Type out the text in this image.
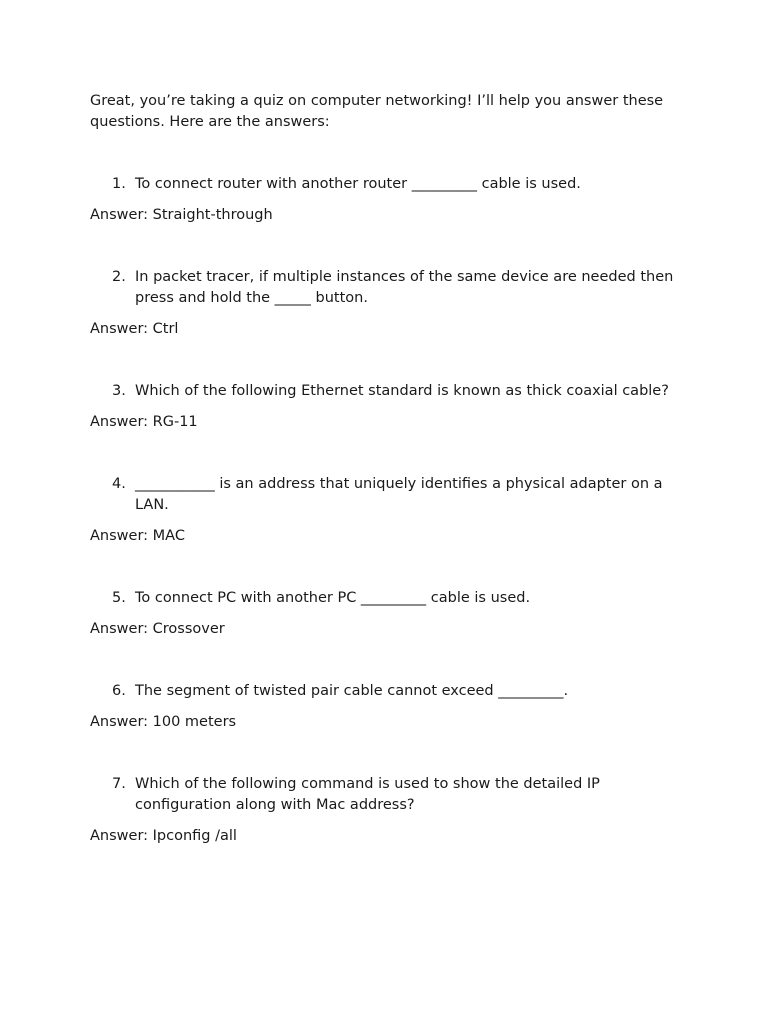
Great, you’re taking a quiz on computer networking! I’ll help you answer these questions. Here are the answers:

1. To connect router with another router _________ cable is used.
Answer: Straight-through
2. In packet tracer, if multiple instances of the same device are needed then press and hold the _____ button.
Answer: Ctrl
3. Which of the following Ethernet standard is known as thick coaxial cable?
Answer: RG-11
4. ___________ is an address that uniquely identifies a physical adapter on a LAN.
Answer: MAC
5. To connect PC with another PC _________ cable is used.
Answer: Crossover
6. The segment of twisted pair cable cannot exceed _________.
Answer: 100 meters
7. Which of the following command is used to show the detailed IP configuration along with Mac address?
Answer: Ipconfig /all
